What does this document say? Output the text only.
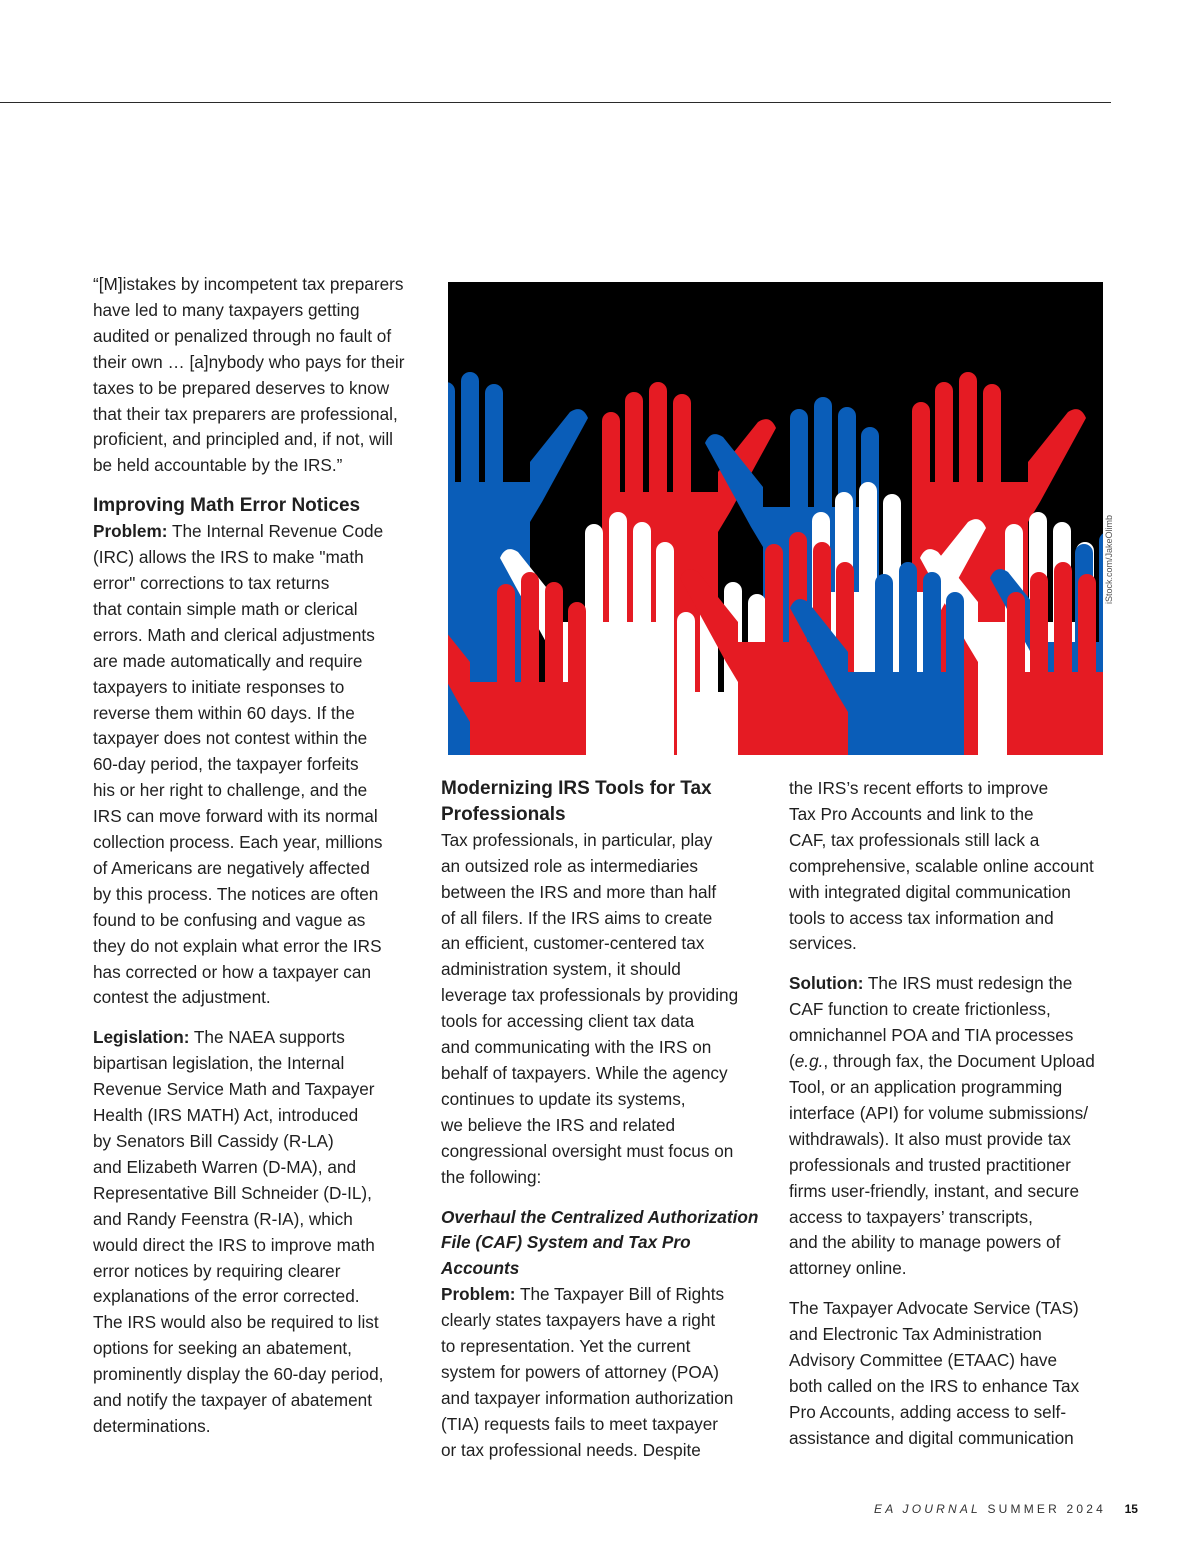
“[M]istakes by incompetent tax preparers
have led to many taxpayers getting
audited or penalized through no fault of
their own … [a]nybody who pays for their
taxes to be prepared deserves to know
that their tax preparers are professional,
proficient, and principled and, if not, will
be held accountable by the IRS.”

Improving Math Error Notices

Problem: The Internal Revenue Code
(IRC) allows the IRS to make "math
error" corrections to tax returns
that contain simple math or clerical
errors. Math and clerical adjustments
are made automatically and require
taxpayers to initiate responses to
reverse them within 60 days. If the
taxpayer does not contest within the
60-day period, the taxpayer forfeits
his or her right to challenge, and the
IRS can move forward with its normal
collection process. Each year, millions
of Americans are negatively affected
by this process. The notices are often
found to be confusing and vague as
they do not explain what error the IRS
has corrected or how a taxpayer can
contest the adjustment.

Legislation: The NAEA supports
bipartisan legislation, the Internal
Revenue Service Math and Taxpayer
Health (IRS MATH) Act, introduced
by Senators Bill Cassidy (R-LA)
and Elizabeth Warren (D-MA), and
Representative Bill Schneider (D-IL),
and Randy Feenstra (R-IA), which
would direct the IRS to improve math
error notices by requiring clearer
explanations of the error corrected.
The IRS would also be required to list
options for seeking an abatement,
prominently display the 60-day period,
and notify the taxpayer of abatement
determinations.

iStock.com/JakeOlimb
Modernizing IRS Tools for Tax
Professionals

Tax professionals, in particular, play
an outsized role as intermediaries
between the IRS and more than half
of all filers. If the IRS aims to create
an efficient, customer-centered tax
administration system, it should
leverage tax professionals by providing
tools for accessing client tax data
and communicating with the IRS on
behalf of taxpayers. While the agency
continues to update its systems,
we believe the IRS and related
congressional oversight must focus on
the following:

Overhaul the Centralized Authorization
File (CAF) System and Tax Pro Accounts
Problem: The Taxpayer Bill of Rights
clearly states taxpayers have a right
to representation. Yet the current
system for powers of attorney (POA)
and taxpayer information authorization
(TIA) requests fails to meet taxpayer
or tax professional needs. Despite

the IRS’s recent efforts to improve
Tax Pro Accounts and link to the
CAF, tax professionals still lack a
comprehensive, scalable online account
with integrated digital communication
tools to access tax information and
services.

Solution: The IRS must redesign the
CAF function to create frictionless,
omnichannel POA and TIA processes
(e.g., through fax, the Document Upload
Tool, or an application programming
interface (API) for volume submissions/
withdrawals). It also must provide tax
professionals and trusted practitioner
firms user-friendly, instant, and secure
access to taxpayers’ transcripts,
and the ability to manage powers of
attorney online.

The Taxpayer Advocate Service (TAS)
and Electronic Tax Administration
Advisory Committee (ETAAC) have
both called on the IRS to enhance Tax
Pro Accounts, adding access to self-
assistance and digital communication

EA JOURNAL SUMMER 2024 15
